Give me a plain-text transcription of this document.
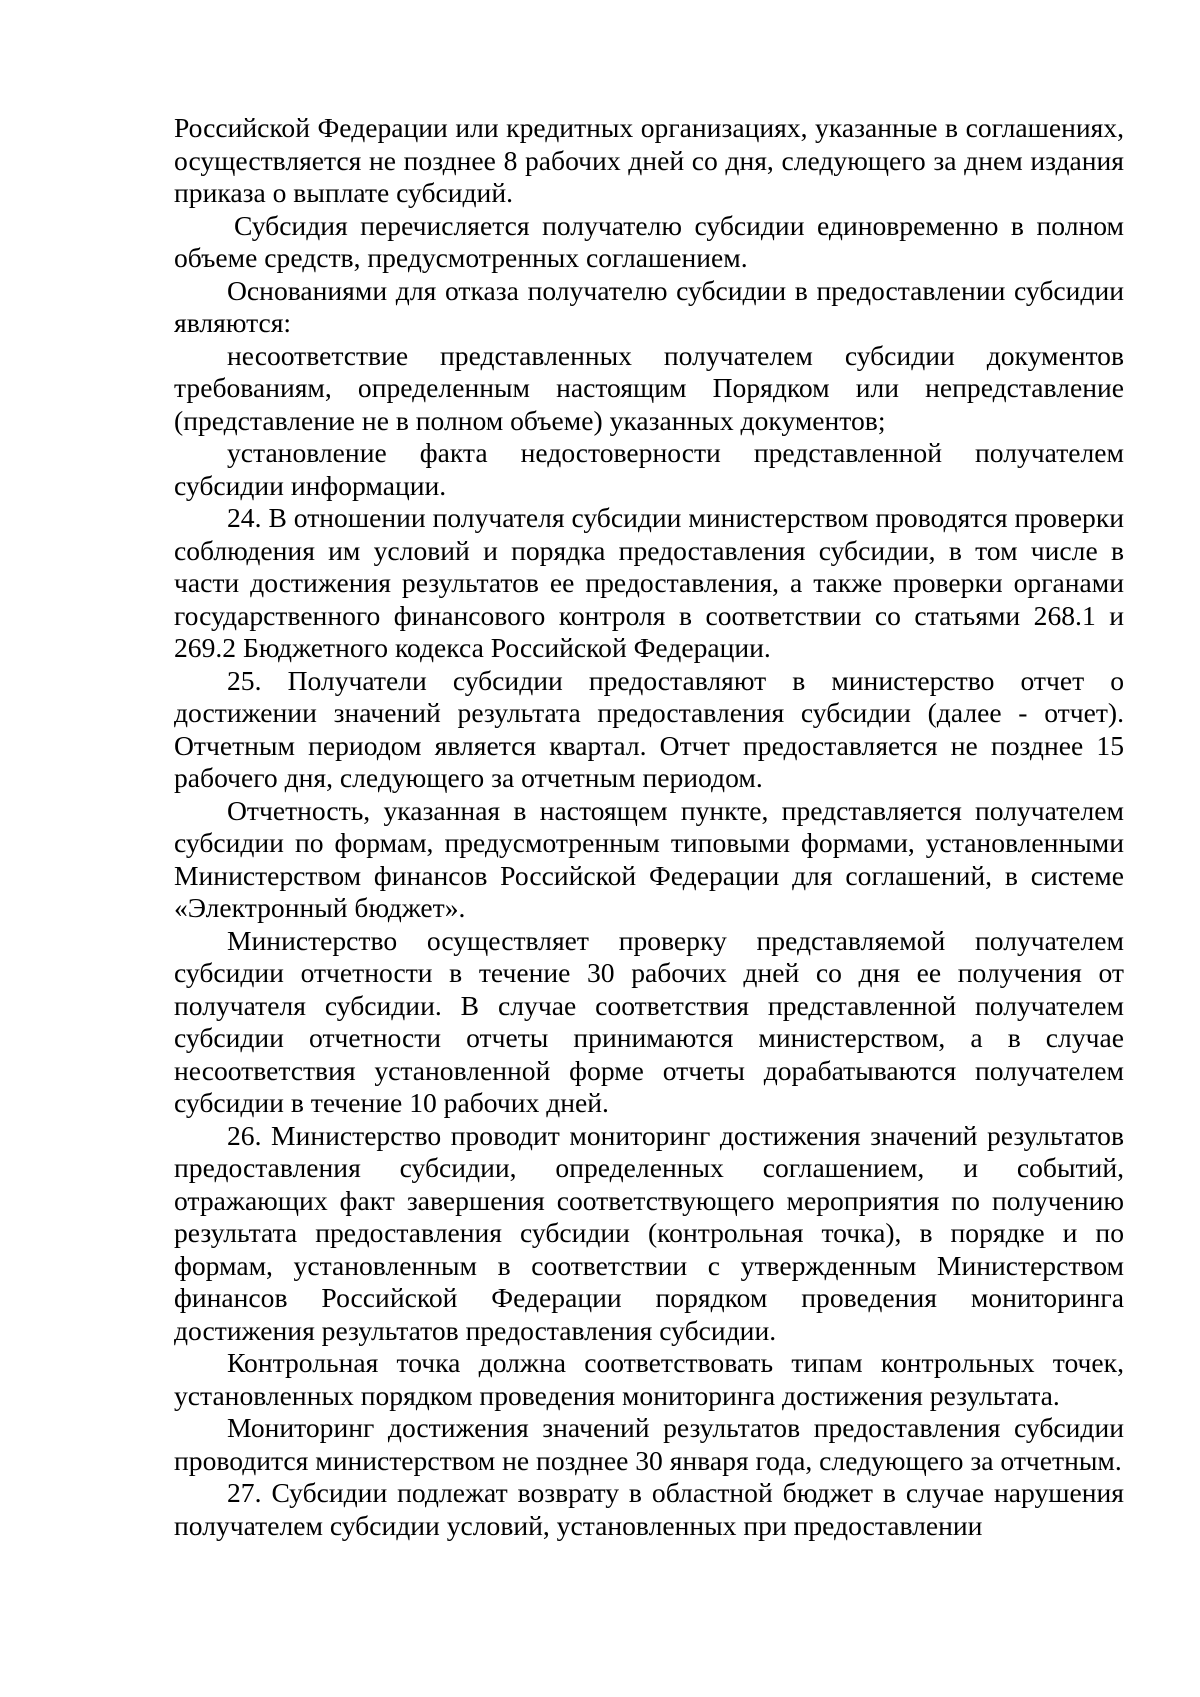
Российской Федерации или кредитных организациях, указанные в соглашениях, осуществляется не позднее 8 рабочих дней со дня, следующего за днем издания приказа о выплате субсидий.

Субсидия перечисляется получателю субсидии единовременно в полном объеме средств, предусмотренных соглашением.

Основаниями для отказа получателю субсидии в предоставлении субсидии являются:

несоответствие представленных получателем субсидии документов требованиям, определенным настоящим Порядком или непредставление (представление не в полном объеме) указанных документов;

установление факта недостоверности представленной получателем субсидии информации.

24. В отношении получателя субсидии министерством проводятся проверки соблюдения им условий и порядка предоставления субсидии, в том числе в части достижения результатов ее предоставления, а также проверки органами государственного финансового контроля в соответствии со статьями 268.1 и 269.2 Бюджетного кодекса Российской Федерации.

25. Получатели субсидии предоставляют в министерство отчет о достижении значений результата предоставления субсидии (далее - отчет). Отчетным периодом является квартал. Отчет предоставляется не позднее 15 рабочего дня, следующего за отчетным периодом.

Отчетность, указанная в настоящем пункте, представляется получателем субсидии по формам, предусмотренным типовыми формами, установленными Министерством финансов Российской Федерации для соглашений, в системе «Электронный бюджет».

Министерство осуществляет проверку представляемой получателем субсидии отчетности в течение 30 рабочих дней со дня ее получения от получателя субсидии. В случае соответствия представленной получателем субсидии отчетности отчеты принимаются министерством, а в случае несоответствия установленной форме отчеты дорабатываются получателем субсидии в течение 10 рабочих дней.

26. Министерство проводит мониторинг достижения значений результатов предоставления субсидии, определенных соглашением, и событий, отражающих факт завершения соответствующего мероприятия по получению результата предоставления субсидии (контрольная точка), в порядке и по формам, установленным в соответствии с утвержденным Министерством финансов Российской Федерации порядком проведения мониторинга достижения результатов предоставления субсидии.

Контрольная точка должна соответствовать типам контрольных точек, установленных порядком проведения мониторинга достижения результата.

Мониторинг достижения значений результатов предоставления субсидии проводится министерством не позднее 30 января года, следующего за отчетным.

27. Субсидии подлежат возврату в областной бюджет в случае нарушения получателем субсидии условий, установленных при предоставлении
